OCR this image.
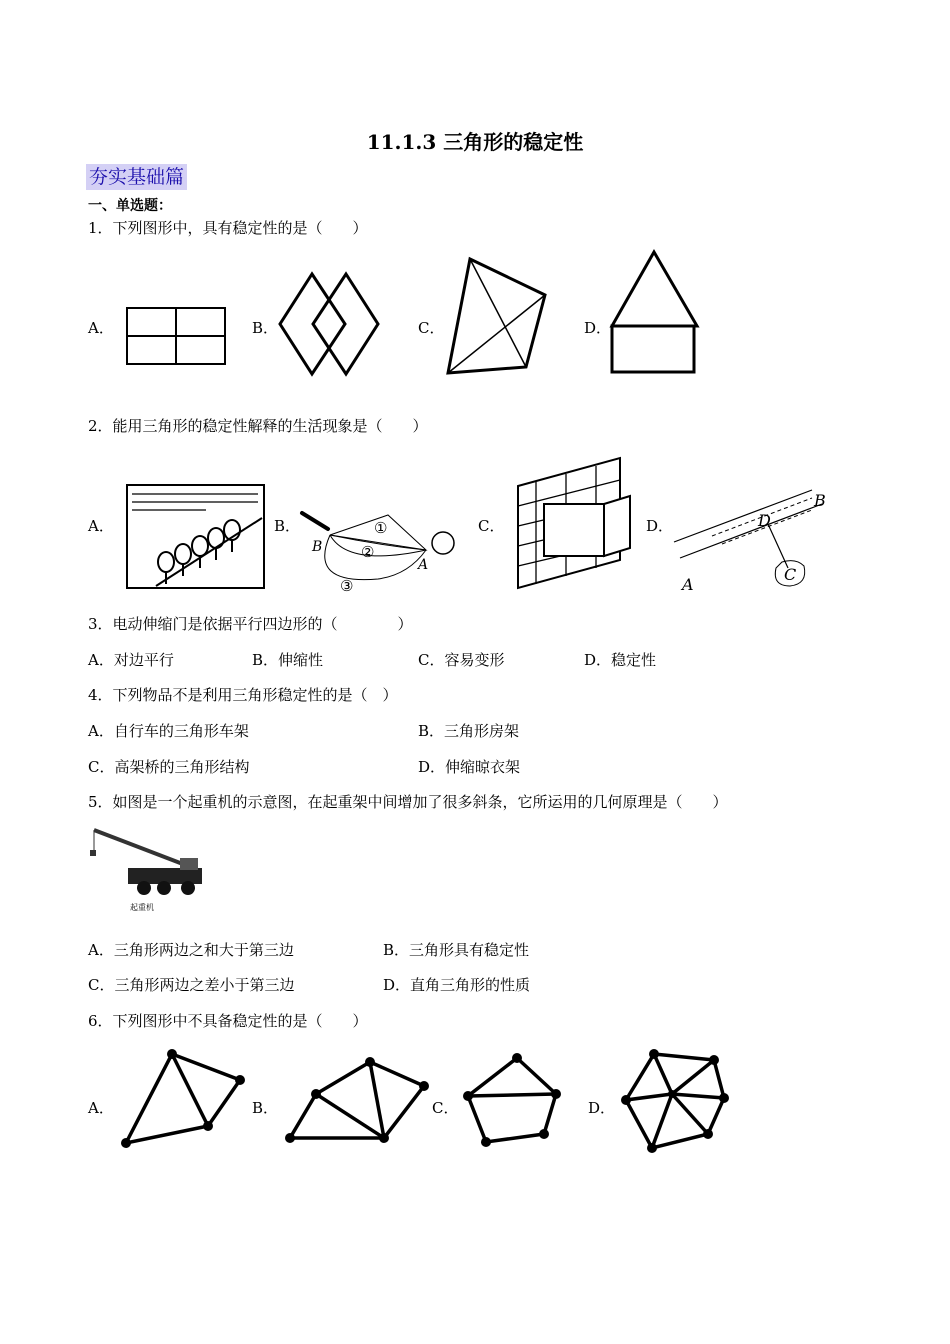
11.1.3 三角形的稳定性
夯实基础篇
一、单选题：
1．下列图形中，具有稳定性的是（　　）
A．	B．	C．	D．
2．能用三角形的稳定性解释的生活现象是（　　）
A．	B．
B
①
②
③
A
C．	D．
B
D
A
C
3．电动伸缩门是依据平行四边形的（　　　　）
A．对边平行	B．伸缩性	C．容易变形	D．稳定性
4．下列物品不是利用三角形稳定性的是（　）
A．自行车的三角形车架	B．三角形房架
C．高架桥的三角形结构	D．伸缩晾衣架
5．如图是一个起重机的示意图，在起重架中间增加了很多斜条，它所运用的几何原理是（　　）
起重机
A．三角形两边之和大于第三边	B．三角形具有稳定性
C．三角形两边之差小于第三边	D．直角三角形的性质
6．下列图形中不具备稳定性的是（　　）
A．	B．	C．	D．
